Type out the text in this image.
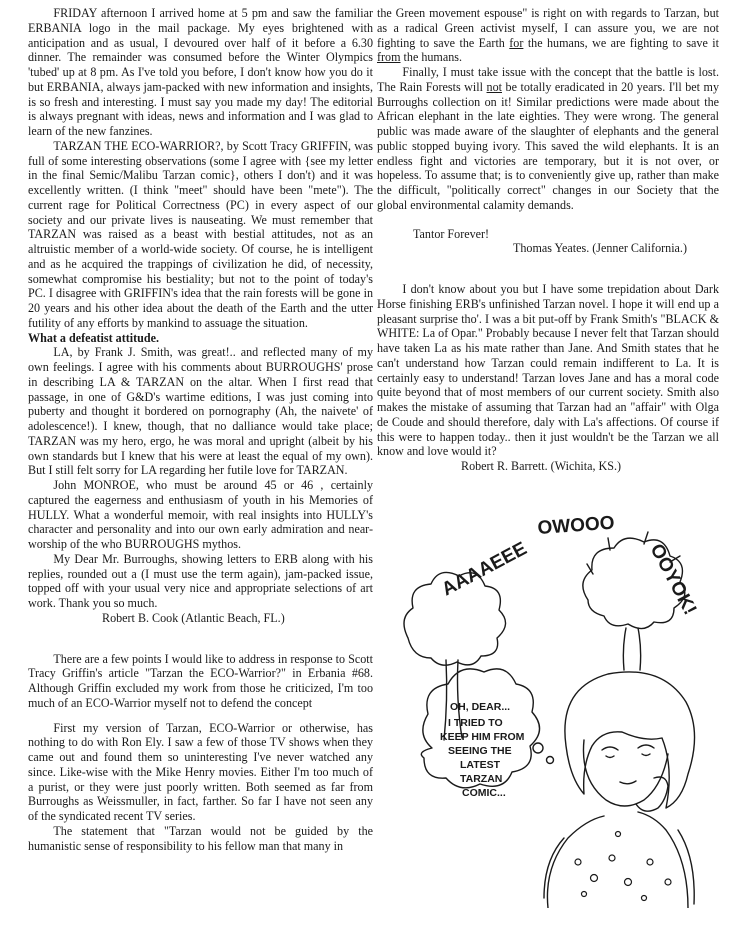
FRIDAY afternoon I arrived home at 5 pm and saw the familiar ERBANIA logo in the mail package. My eyes brightened with anticipation and as usual, I devoured over half of it before a 6.30 dinner. The remainder was consumed before the Winter Olympics 'tubed' up at 8 pm. As I've told you before, I don't know how you do it but ERBANIA, always jam-packed with new information and insights, is so fresh and interesting. I must say you made my day! The editorial is always pregnant with ideas, news and information and I was glad to learn of the new fanzines.

TARZAN THE ECO-WARRIOR?, by Scott Tracy GRIFFIN, was full of some interesting observations (some I agree with {see my letter in the final Semic/Malibu Tarzan comic}, others I don't) and it was excellently written. (I think "meet" should have been "mete"). The current rage for Political Correctness (PC) in every aspect of our society and our private lives is nauseating. We must remember that TARZAN was raised as a beast with bestial attitudes, not as an altruistic member of a world-wide society. Of course, he is intelligent and as he acquired the trappings of civilization he did, of necessity, somewhat compromise his bestiality; but not to the point of today's PC. I disagree with GRIFFIN's idea that the rain forests will be gone in 20 years and his other idea about the death of the Earth and the utter futility of any efforts by mankind to assuage the situation.

What a defeatist attitude.

LA, by Frank J. Smith, was great!.. and reflected many of my own feelings. I agree with his comments about BURROUGHS' prose in describing LA & TARZAN on the altar. When I first read that passage, in one of G&D's wartime editions, I was just coming into puberty and thought it bordered on pornography (Ah, the naivete' of adolescence!). I knew, though, that no dalliance would take place; TARZAN was my hero, ergo, he was moral and upright (albeit by his own standards but I knew that his were at least the equal of my own). But I still felt sorry for LA regarding her futile love for TARZAN.

John MONROE, who must be around 45 or 46 , certainly captured the eagerness and enthusiasm of youth in his Memories of HULLY. What a wonderful memoir, with real insights into HULLY's character and personality and into our own early admiration and near-worship of the who BURROUGHS mythos.

My Dear Mr. Burroughs, showing letters to ERB along with his replies, rounded out a (I must use the term again), jam-packed issue, topped off with your usual very nice and appropriate selections of art work. Thank you so much.

Robert B. Cook (Atlantic Beach, FL.)

There are a few points I would like to address in response to Scott Tracy Griffin's article "Tarzan the ECO-Warrior?" in Erbania #68. Although Griffin excluded my work from those he criticized, I'm too much of an ECO-Warrior myself not to defend the concept

First my version of Tarzan, ECO-Warrior or otherwise, has nothing to do with Ron Ely. I saw a few of those TV shows when they came out and found them so uninteresting I've never watched any since. Like-wise with the Mike Henry movies. Either I'm too much of a purist, or they were just poorly written. Both seemed as far from Burroughs as Weissmuller, in fact, farther. So far I have not seen any of the syndicated recent TV series.

The statement that "Tarzan would not be guided by the humanistic sense of responsibility to his fellow man that many in

the Green movement espouse" is right on with regards to Tarzan, but as a radical Green activist myself, I can assure you, we are not fighting to save the Earth for the humans, we are fighting to save it from the humans.

Finally, I must take issue with the concept that the battle is lost. The Rain Forests will not be totally eradicated in 20 years. I'll bet my Burroughs collection on it! Similar predictions were made about the African elephant in the late eighties. They were wrong. The general public was made aware of the slaughter of elephants and the general public stopped buying ivory. This saved the wild elephants. It is an endless fight and victories are temporary, but it is not over, or hopeless. To assume that; is to conveniently give up, rather than make the difficult, "politically correct" changes in our Society that the global environmental calamity demands.

Tantor Forever!

Thomas Yeates. (Jenner California.)

I don't know about you but I have some trepidation about Dark Horse finishing ERB's unfinished Tarzan novel. I hope it will end up a pleasant surprise tho'. I was a bit put-off by Frank Smith's "BLACK & WHITE: La of Opar." Probably because I never felt that Tarzan should have taken La as his mate rather than Jane. And Smith states that he can't understand how Tarzan could remain indifferent to La. It is certainly easy to understand! Tarzan loves Jane and has a moral code quite beyond that of most members of our current society. Smith also makes the mistake of assuming that Tarzan had an "affair" with Olga de Coude and should therefore, daly with La's affections. Of course if this were to happen today.. then it just wouldn't be the Tarzan we all know and love would it?

Robert R. Barrett. (Wichita, KS.)

AAAAEEE
OWOOO
OOYOK!
OH, DEAR...
I TRIED TO
KEEP HIM FROM
SEEING THE
LATEST
TARZAN
COMIC...
